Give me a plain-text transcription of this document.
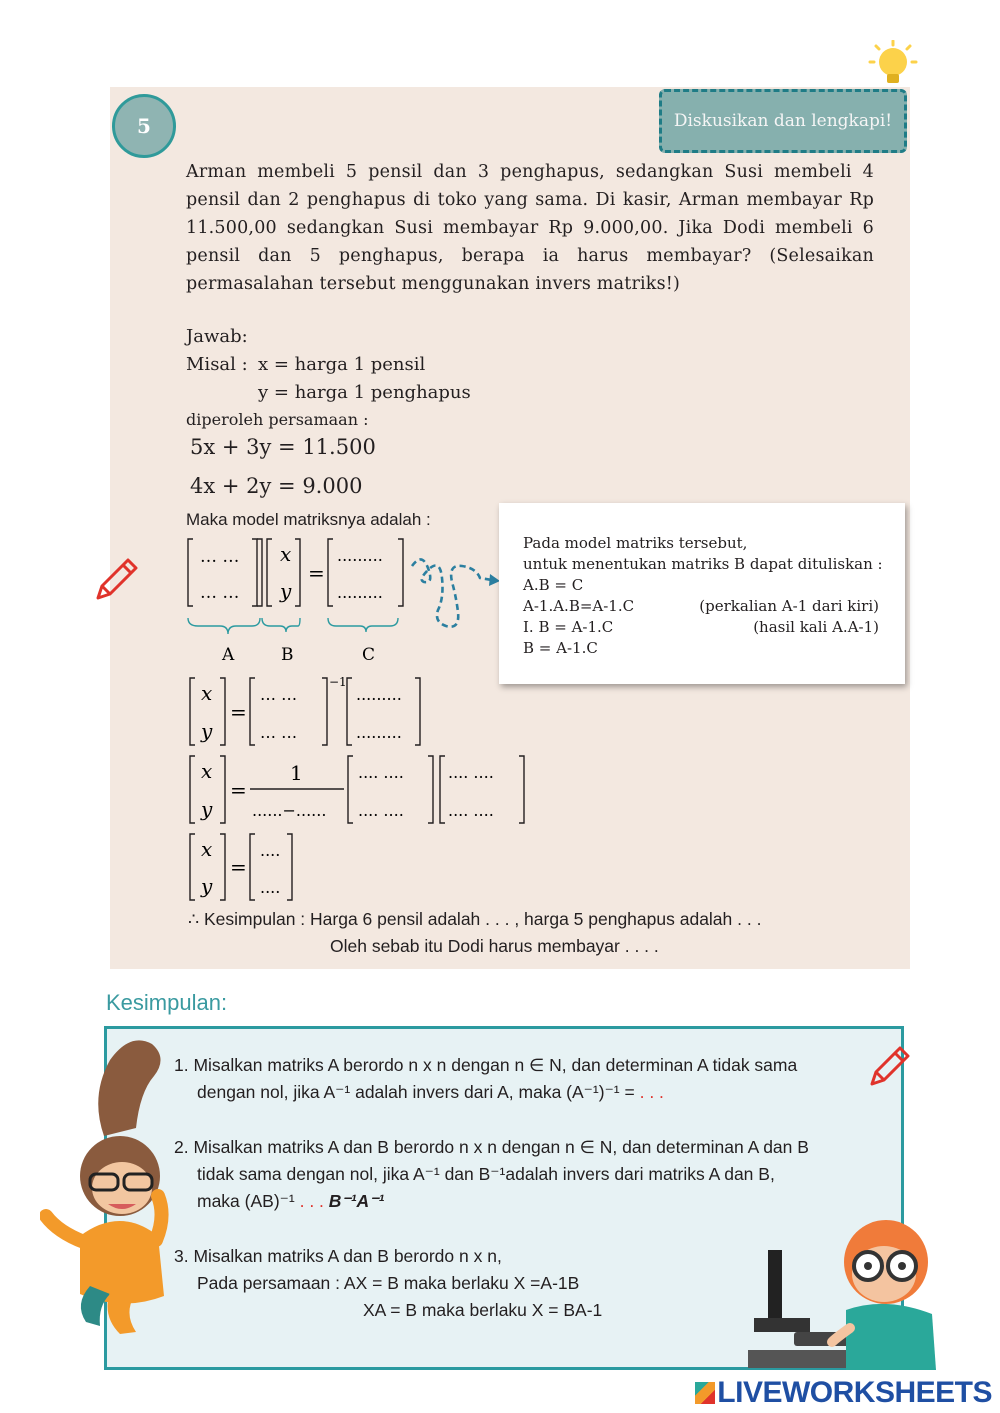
5	Diskusikan dan lengkapi!
Arman membeli 5 pensil dan 3 penghapus, sedangkan Susi membeli 4 pensil dan 2 penghapus di toko yang sama. Di kasir, Arman membayar Rp 11.500,00 sedangkan Susi membayar Rp 9.000,00. Jika Dodi membeli 6 pensil dan 5 penghapus, berapa ia harus membayar? (Selesaikan permasalahan tersebut menggunakan invers matriks!)
Jawab:
Misal : x = harga 1 pensil
y = harga 1 penghapus
diperoleh persamaan :
5x + 3y = 11.500
4x + 2y = 9.000
Maka model matriksnya adalah :
… …
… …
x
y
=
.........
.........
A	B	C
Pada model matriks tersebut,
untuk menentukan matriks B dapat dituliskan :
A.B = C
A-1.A.B=A-1.C	(perkalian A-1 dari kiri)
I. B = A-1.C	(hasil kali A.A-1)
B = A-1.C
x
y
=
… …
… …
−1
.........
.........
x
y
=
1
......−......
.... ....
.... ....
.... ....
.... ....
x
y
=
....
....
∴ Kesimpulan : Harga 6 pensil adalah . . . , harga 5 penghapus adalah . . .
Oleh sebab itu Dodi harus membayar . . . .
Kesimpulan:
1. Misalkan matriks A berordo n x n dengan n ∈ N, dan determinan A tidak sama
dengan nol, jika A⁻¹ adalah invers dari A, maka (A⁻¹)⁻¹ = . . .
2. Misalkan matriks A dan B berordo n x n dengan n ∈ N, dan determinan A dan B
tidak sama dengan nol, jika A⁻¹ dan B⁻¹adalah invers dari matriks A dan B,
maka (AB)⁻¹ . . . B⁻¹A⁻¹
3. Misalkan matriks A dan B berordo n x n,
Pada persamaan : AX = B maka berlaku X =A-1B
XA = B maka berlaku X = BA-1
LIVEWORKSHEETS
